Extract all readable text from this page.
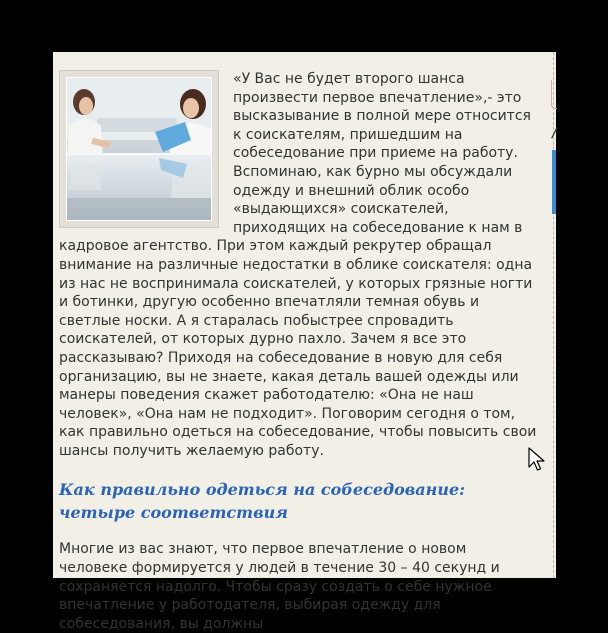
«У Вас не будет второго шанса произвести первое впечатление»,- это высказывание в полной мере относится к соискателям, пришедшим на собеседование при приеме на работу. Вспоминаю, как бурно мы обсуждали одежду и внешний облик особо «выдающихся» соискателей, приходящих на собеседование к нам в кадровое агентство. При этом каждый рекрутер обращал внимание на различные недостатки в облике соискателя: одна из нас не воспринимала соискателей, у которых грязные ногти и ботинки, другую особенно впечатляли темная обувь и светлые носки. А я старалась побыстрее спровадить соискателей, от которых дурно пахло. Зачем я все это рассказываю? Приходя на собеседование в новую для себя организацию, вы не знаете, какая деталь вашей одежды или манеры поведения скажет работодателю: «Она не наш человек», «Она нам не подходит». Поговорим сегодня о том, как правильно одеться на собеседование, чтобы повысить свои шансы получить желаемую работу.

Как правильно одеться на собеседование: четыре соответствия

Многие из вас знают, что первое впечатление о новом человеке формируется у людей в течение 30 – 40 секунд и сохраняется надолго. Чтобы сразу создать о себе нужное впечатление у работодателя, выбирая одежду для собеседования, вы должны

/
